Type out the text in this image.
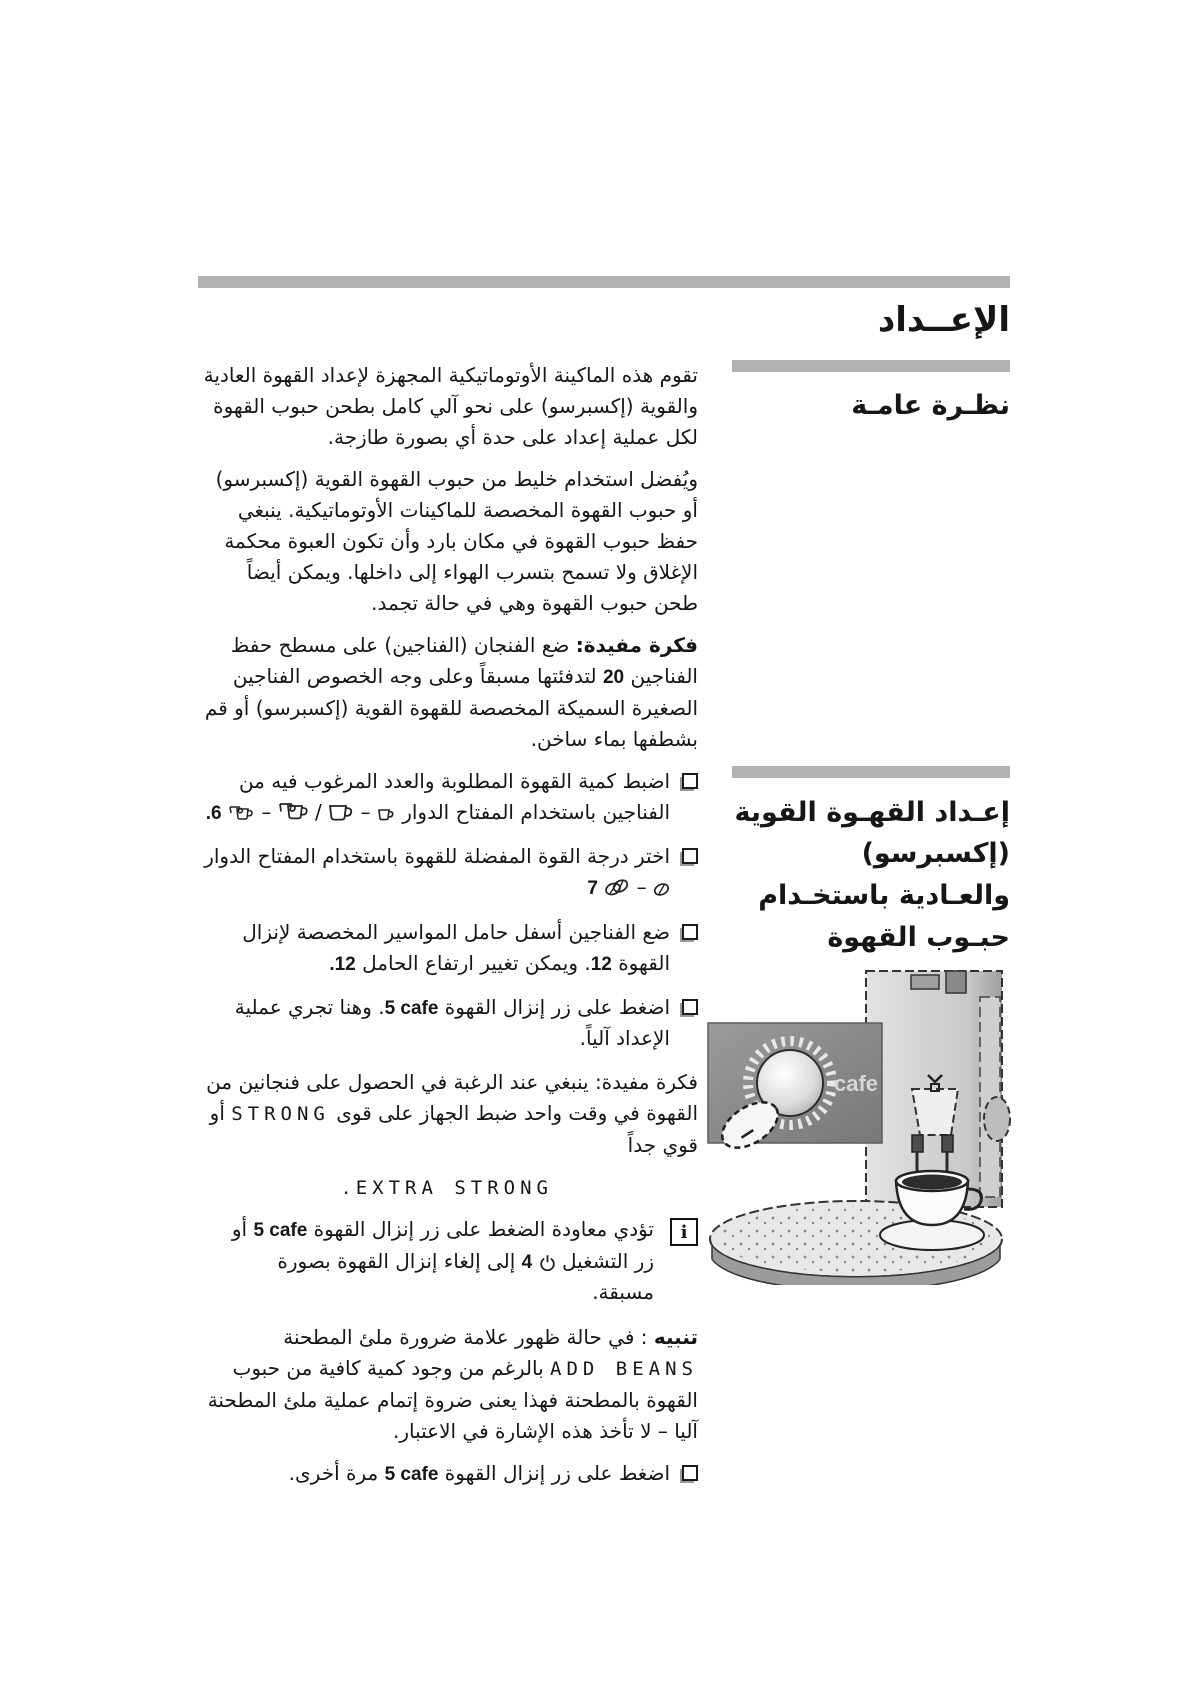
الإعــداد
نظـرة عامـة

تقوم هذه الماكينة الأوتوماتيكية المجهزة لإعداد القهوة العادية والقوية (إكسبرسو) على نحو آلي كامل بطحن حبوب القهوة لكل عملية إعداد على حدة أي بصورة طازجة.

ويُفضل استخدام خليط من حبوب القهوة القوية (إكسبرسو) أو حبوب القهوة المخصصة للماكينات الأوتوماتيكية. ينبغي حفظ حبوب القهوة في مكان بارد وأن تكون العبوة محكمة الإغلاق ولا تسمح بتسرب الهواء إلى داخلها. ويمكن أيضاً طحن حبوب القهوة وهي في حالة تجمد.

فكرة مفيدة: ضع الفنجان (الفناجين) على مسطح حفظ الفناجين 20 لتدفئتها مسبقاً وعلى وجه الخصوص الفناجين الصغيرة السميكة المخصصة للقهوة القوية (إكسبرسو) أو قم بشطفها بماء ساخن.

إعـداد القهـوة القوية
(إكسبرسو)
والعـادية باستخـدام
حبـوب القهوة
cafe
اضبط كمية القهوة المطلوبة والعدد المرغوب فيه من الفناجين باستخدام المفتاح الدوار  –  /  –  6.
اختر درجة القوة المفضلة للقهوة باستخدام المفتاح الدوار  –  7
ضع الفناجين أسفل حامل المواسير المخصصة لإنزال القهوة 12. ويمكن تغيير ارتفاع الحامل 12.
اضغط على زر إنزال القهوة 5 cafe. وهنا تجري عملية الإعداد آلياً.

فكرة مفيدة: ينبغي عند الرغبة في الحصول على فنجانين من القهوة في وقت واحد ضبط الجهاز على قوى STRONG أو قوي جداً

EXTRA STRONG .
i
تؤدي معاودة الضغط على زر إنزال القهوة 5 cafe أو زر التشغيل  4 إلى إلغاء إنزال القهوة بصورة مسبقة.

تنبيه : في حالة ظهور علامة ضرورة ملئ المطحنة ADD BEANS بالرغم من وجود كمية كافية من حبوب القهوة بالمطحنة فهذا يعنى ضروة إتمام عملية ملئ المطحنة آليا – لا تأخذ هذه الإشارة في الاعتبار.

اضغط على زر إنزال القهوة 5 cafe مرة أخرى.
